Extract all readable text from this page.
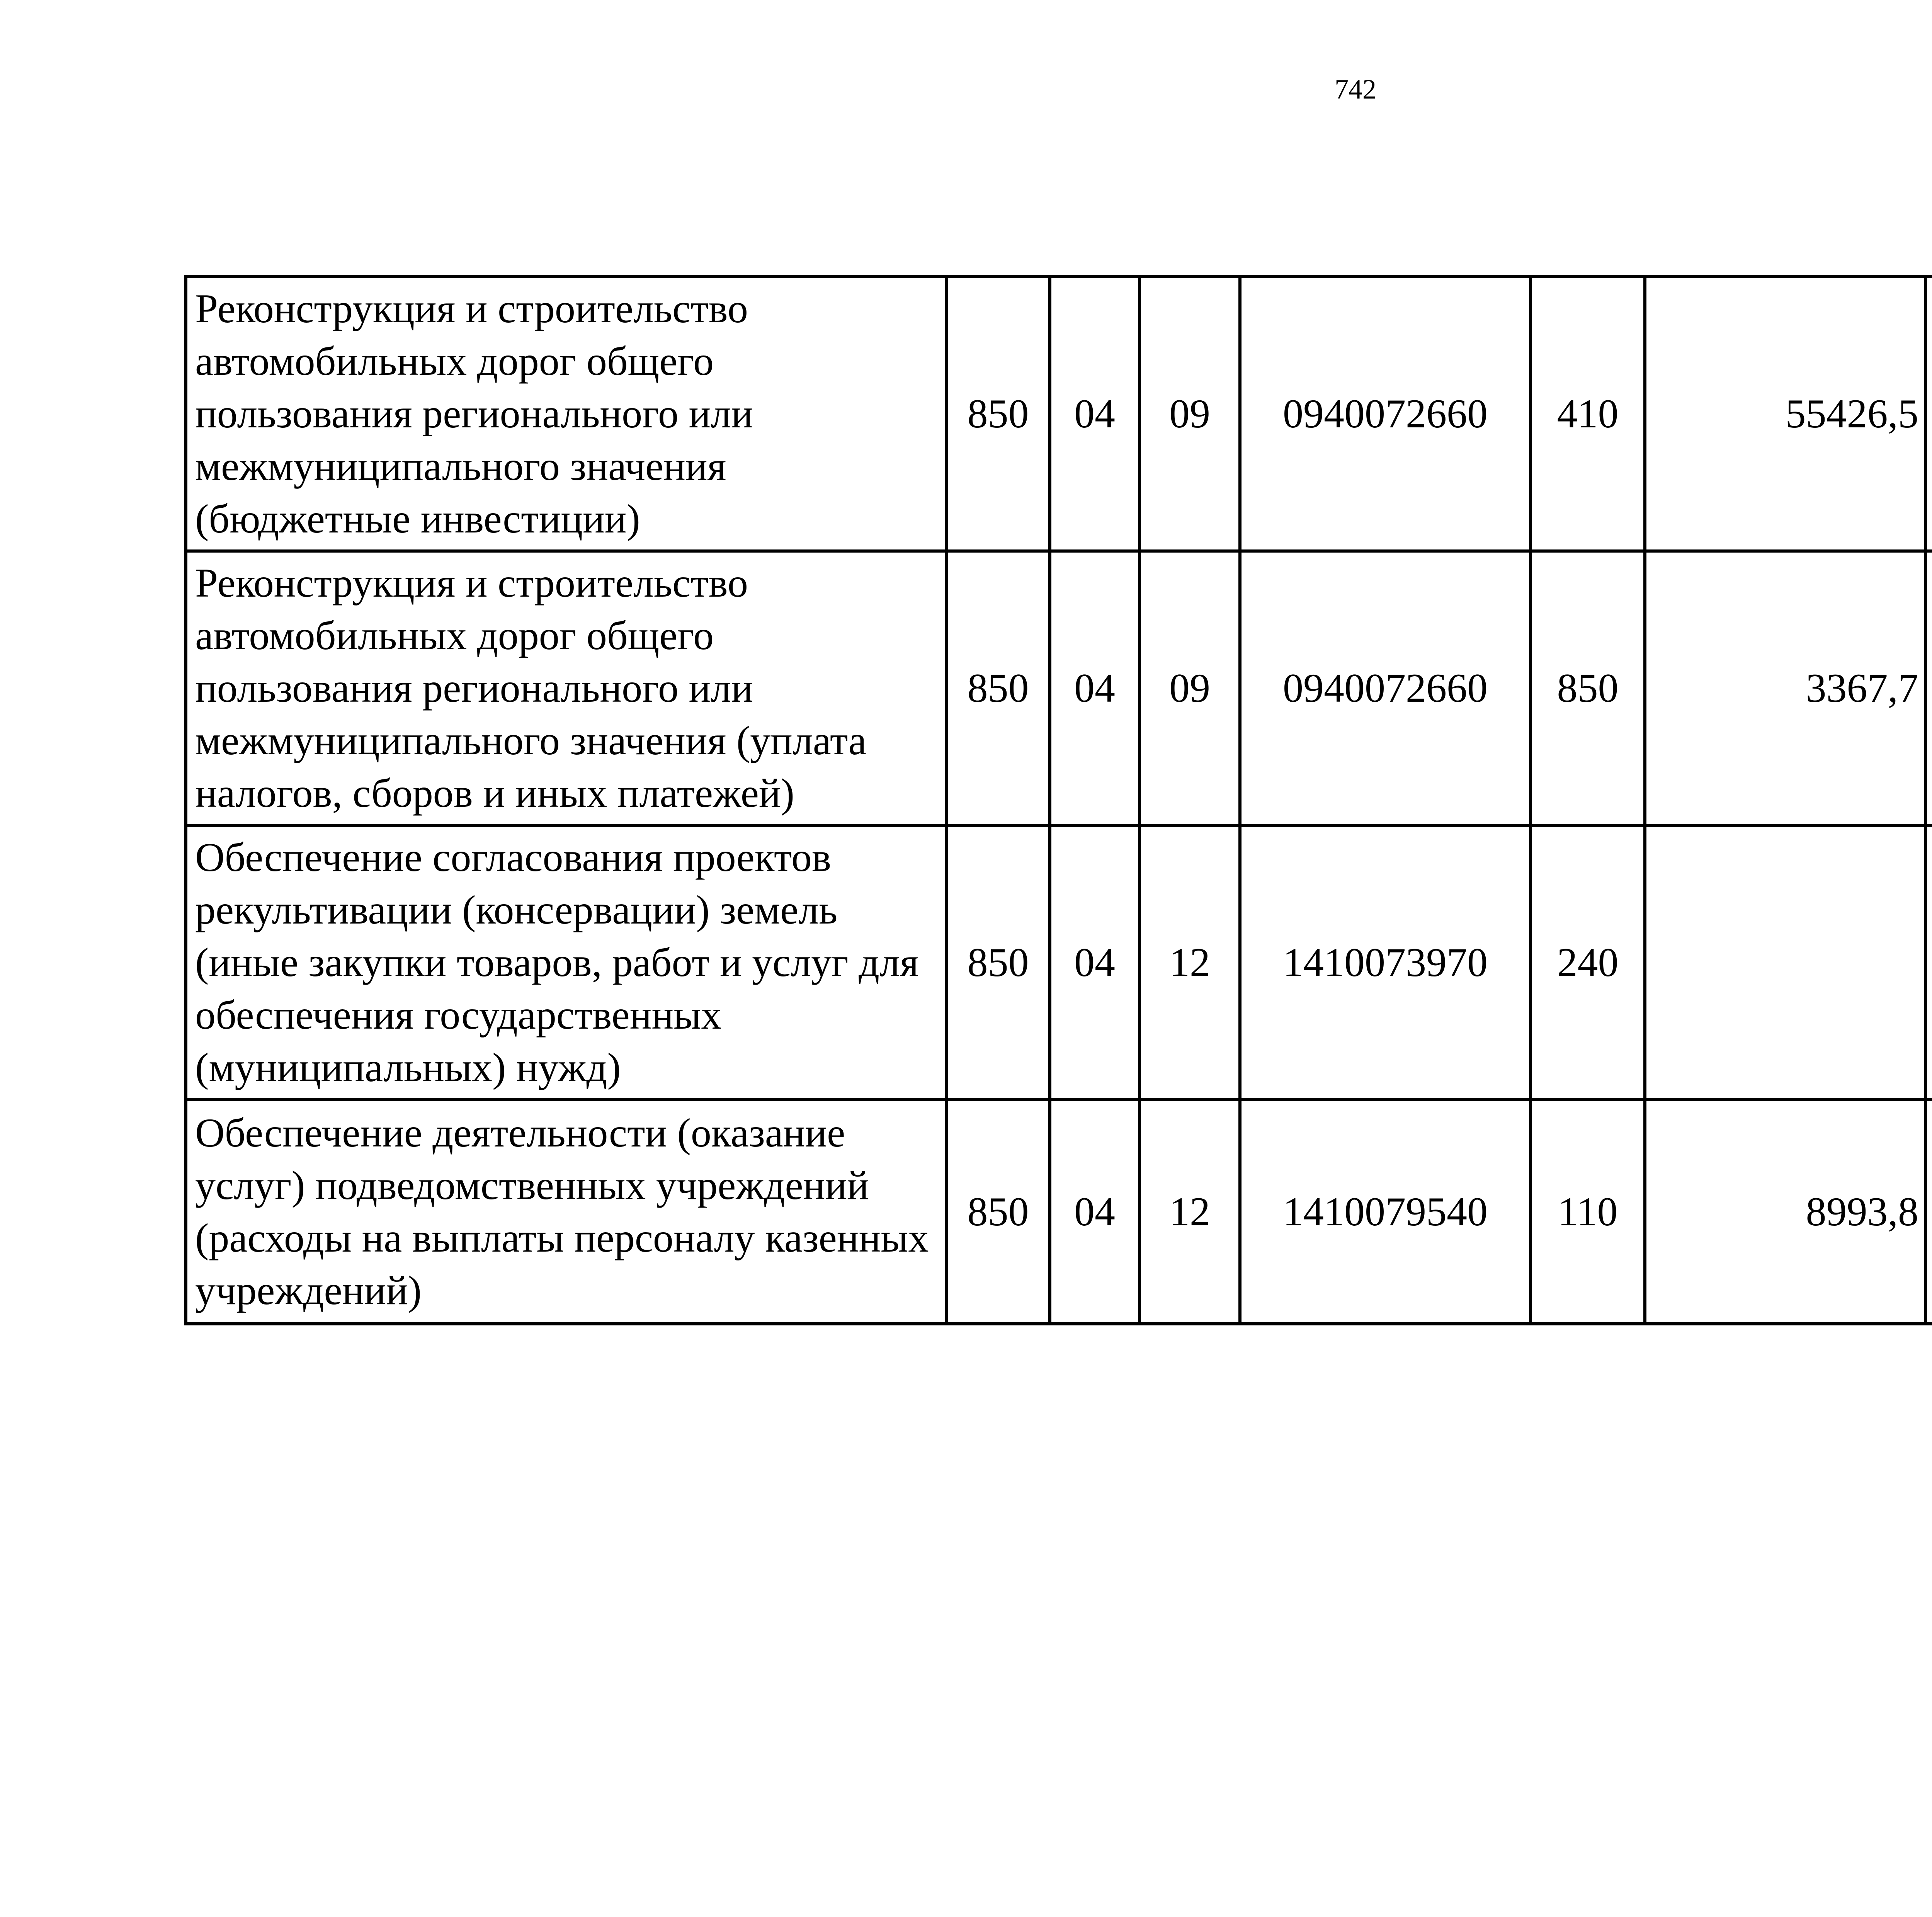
742
Реконструкция и строительство автомобильных дорог общего пользования регионального или межмуниципального значения (бюджетные инвестиции)	850	04	09	0940072660	410	55426,5		
Реконструкция и строительство автомобильных дорог общего пользования регионального или межмуниципального значения (уплата налогов, сборов и иных платежей)	850	04	09	0940072660	850	3367,7		
Обеспечение согласования проектов рекультивации (консервации) земель (иные закупки товаров, работ и услуг для обеспечения государственных (муниципальных) нужд)	850	04	12	1410073970	240			
Обеспечение деятельности (оказание услуг) подведомственных учреждений (расходы на выплаты персоналу казенных учреждений)	850	04	12	1410079540	110	8993,8		
